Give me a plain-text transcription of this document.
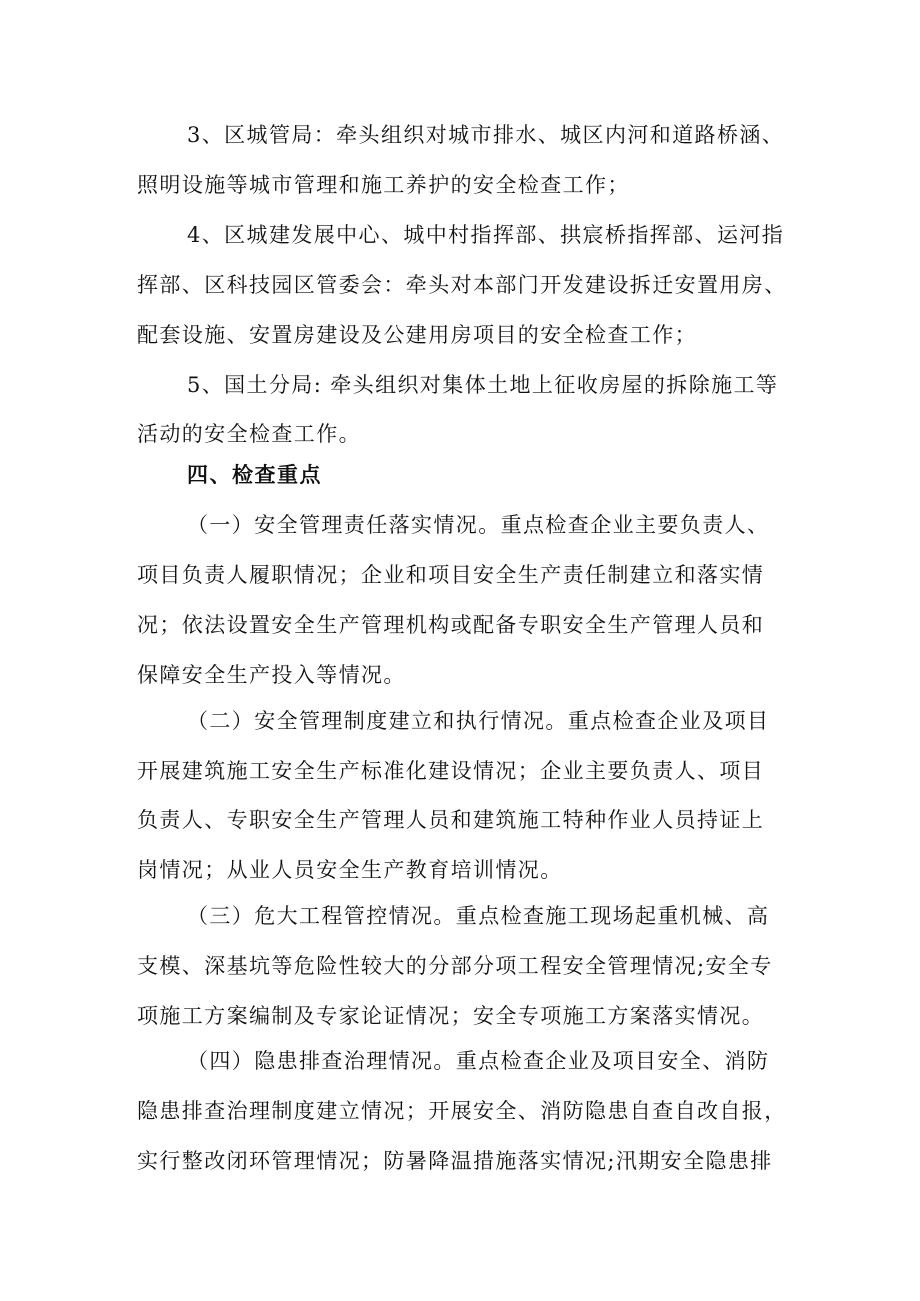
3、区城管局：牵头组织对城市排水、城区内河和道路桥涵、
照明设施等城市管理和施工养护的安全检查工作；
4、区城建发展中心、城中村指挥部、拱宸桥指挥部、运河指
挥部、区科技园区管委会：牵头对本部门开发建设拆迁安置用房、
配套设施、安置房建设及公建用房项目的安全检查工作；
5、国土分局: 牵头组织对集体土地上征收房屋的拆除施工等
活动的安全检查工作。
四、检查重点
（一）安全管理责任落实情况。重点检查企业主要负责人、
项目负责人履职情况；企业和项目安全生产责任制建立和落实情
况；依法设置安全生产管理机构或配备专职安全生产管理人员和
保障安全生产投入等情况。
（二）安全管理制度建立和执行情况。重点检查企业及项目
开展建筑施工安全生产标准化建设情况；企业主要负责人、项目
负责人、专职安全生产管理人员和建筑施工特种作业人员持证上
岗情况；从业人员安全生产教育培训情况。
（三）危大工程管控情况。重点检查施工现场起重机械、高
支模、深基坑等危险性较大的分部分项工程安全管理情况;安全专
项施工方案编制及专家论证情况；安全专项施工方案落实情况。
（四）隐患排查治理情况。重点检查企业及项目安全、消防
隐患排查治理制度建立情况；开展安全、消防隐患自查自改自报，
实行整改闭环管理情况；防暑降温措施落实情况;汛期安全隐患排
